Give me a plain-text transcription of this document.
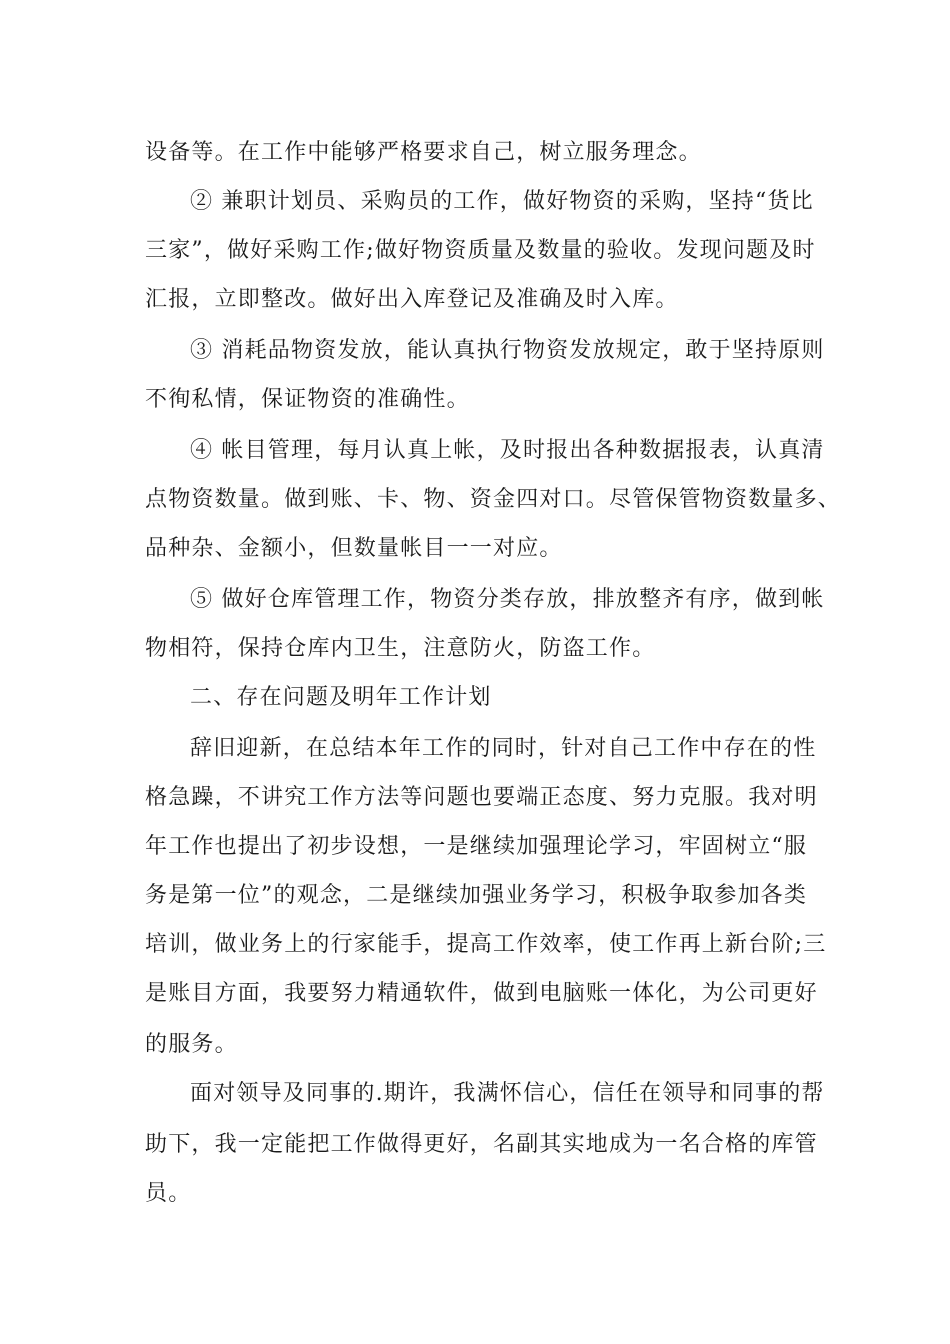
设备等。在工作中能够严格要求自己，树立服务理念。
② 兼职计划员、采购员的工作，做好物资的采购，坚持“货比
三家”，做好采购工作;做好物资质量及数量的验收。发现问题及时
汇报，立即整改。做好出入库登记及准确及时入库。
③ 消耗品物资发放，能认真执行物资发放规定，敢于坚持原则
不徇私情，保证物资的准确性。
④ 帐目管理，每月认真上帐，及时报出各种数据报表，认真清
点物资数量。做到账、卡、物、资金四对口。尽管保管物资数量多、
品种杂、金额小，但数量帐目一一对应。
⑤ 做好仓库管理工作，物资分类存放，排放整齐有序，做到帐
物相符，保持仓库内卫生，注意防火，防盗工作。
二、存在问题及明年工作计划
辞旧迎新，在总结本年工作的同时，针对自己工作中存在的性
格急躁，不讲究工作方法等问题也要端正态度、努力克服。我对明
年工作也提出了初步设想，一是继续加强理论学习，牢固树立“服
务是第一位”的观念，二是继续加强业务学习，积极争取参加各类
培训，做业务上的行家能手，提高工作效率，使工作再上新台阶;三
是账目方面，我要努力精通软件，做到电脑账一体化，为公司更好
的服务。
面对领导及同事的.期许，我满怀信心，信任在领导和同事的帮
助下，我一定能把工作做得更好，名副其实地成为一名合格的库管
员。
